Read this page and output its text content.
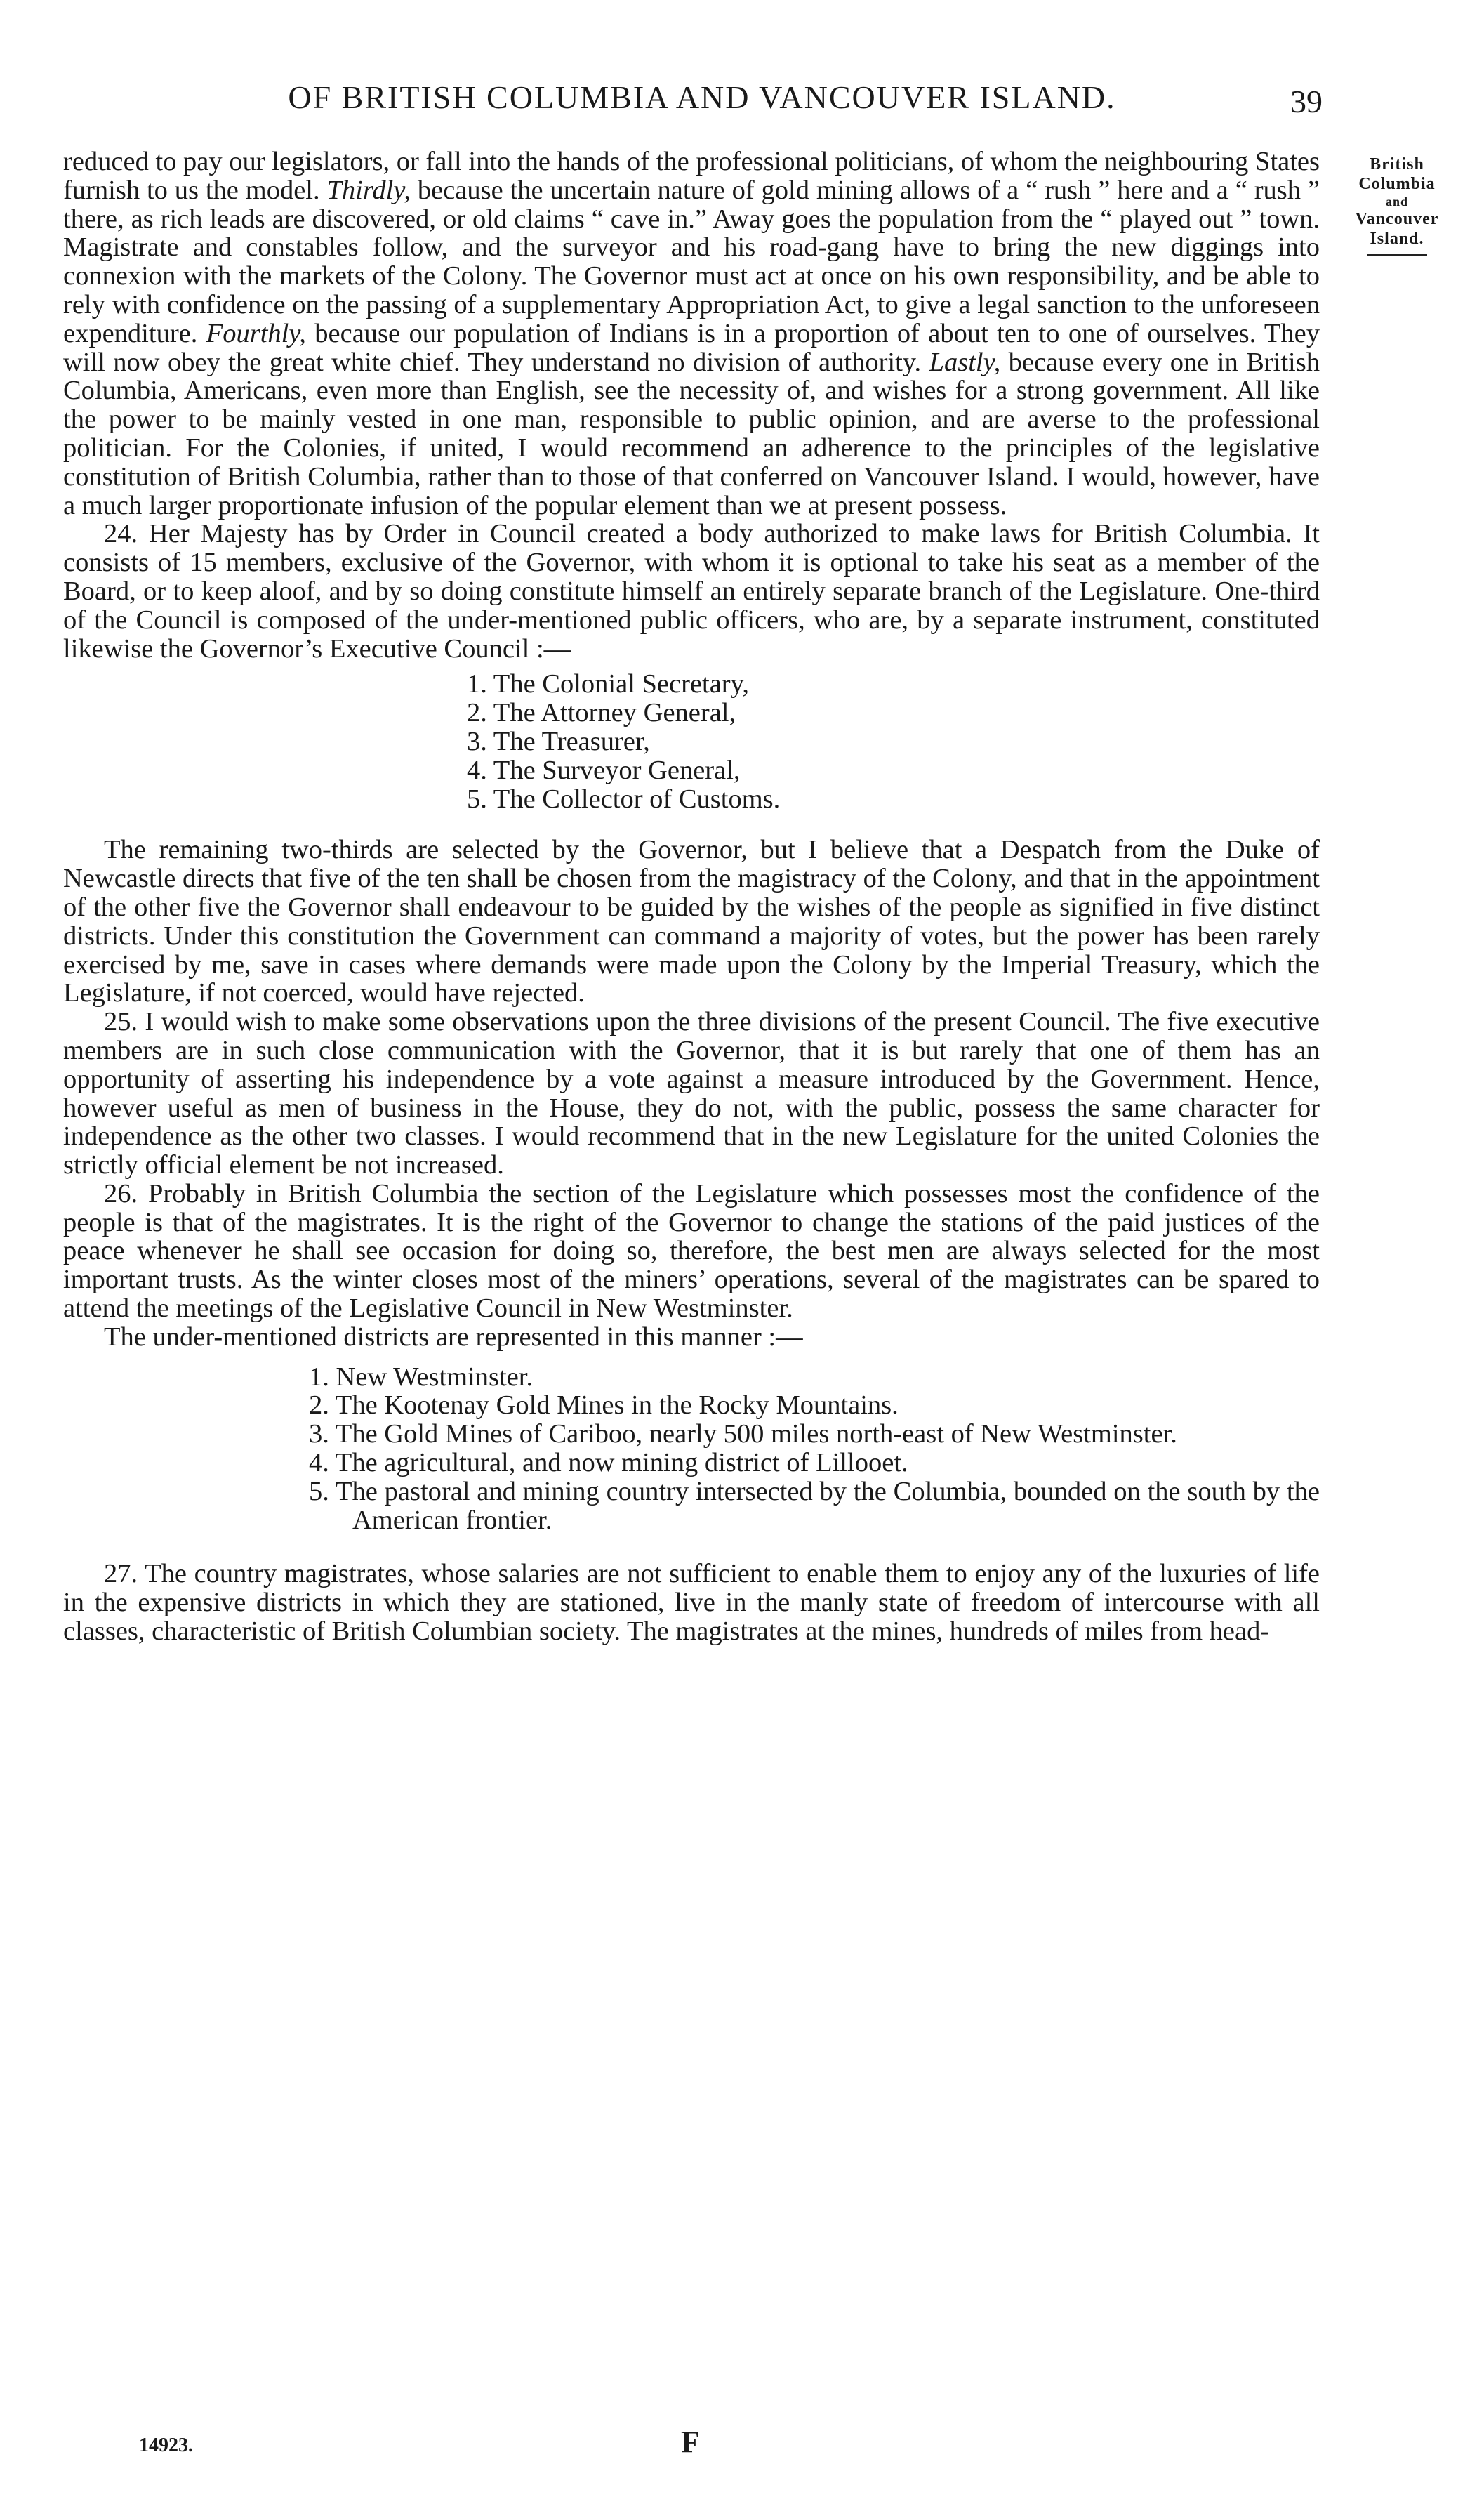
OF BRITISH COLUMBIA AND VANCOUVER ISLAND.	39
British
Columbia
and
Vancouver
Island.

reduced to pay our legislators, or fall into the hands of the professional politicians, of whom the neighbouring States furnish to us the model. Thirdly, because the uncertain nature of gold mining allows of a “ rush ” here and a “ rush ” there, as rich leads are discovered, or old claims “ cave in.” Away goes the population from the “ played out ” town. Magistrate and constables follow, and the surveyor and his road-gang have to bring the new diggings into connexion with the markets of the Colony. The Governor must act at once on his own responsibility, and be able to rely with confidence on the passing of a supplementary Appropriation Act, to give a legal sanction to the unforeseen expenditure. Fourthly, because our population of Indians is in a proportion of about ten to one of ourselves. They will now obey the great white chief. They understand no division of authority. Lastly, because every one in British Columbia, Americans, even more than English, see the necessity of, and wishes for a strong government. All like the power to be mainly vested in one man, responsible to public opinion, and are averse to the professional politician. For the Colonies, if united, I would recommend an adherence to the principles of the legislative constitution of British Columbia, rather than to those of that conferred on Vancouver Island. I would, however, have a much larger proportionate infusion of the popular element than we at present possess.

24. Her Majesty has by Order in Council created a body authorized to make laws for British Columbia. It consists of 15 members, exclusive of the Governor, with whom it is optional to take his seat as a member of the Board, or to keep aloof, and by so doing constitute himself an entirely separate branch of the Legislature. One-third of the Council is composed of the under-mentioned public officers, who are, by a separate instrument, constituted likewise the Governor’s Executive Council :—

1. The Colonial Secretary,
2. The Attorney General,
3. The Treasurer,
4. The Surveyor General,
5. The Collector of Customs.

The remaining two-thirds are selected by the Governor, but I believe that a Despatch from the Duke of Newcastle directs that five of the ten shall be chosen from the magistracy of the Colony, and that in the appointment of the other five the Governor shall endeavour to be guided by the wishes of the people as signified in five distinct districts. Under this constitution the Government can command a majority of votes, but the power has been rarely exercised by me, save in cases where demands were made upon the Colony by the Imperial Treasury, which the Legislature, if not coerced, would have rejected.

25. I would wish to make some observations upon the three divisions of the present Council. The five executive members are in such close communication with the Governor, that it is but rarely that one of them has an opportunity of asserting his independence by a vote against a measure introduced by the Government. Hence, however useful as men of business in the House, they do not, with the public, possess the same character for independence as the other two classes. I would recommend that in the new Legislature for the united Colonies the strictly official element be not increased.

26. Probably in British Columbia the section of the Legislature which possesses most the confidence of the people is that of the magistrates. It is the right of the Governor to change the stations of the paid justices of the peace whenever he shall see occasion for doing so, therefore, the best men are always selected for the most important trusts. As the winter closes most of the miners’ operations, several of the magistrates can be spared to attend the meetings of the Legislative Council in New Westminster.

The under-mentioned districts are represented in this manner :—

1. New Westminster.
2. The Kootenay Gold Mines in the Rocky Mountains.
3. The Gold Mines of Cariboo, nearly 500 miles north-east of New Westminster.
4. The agricultural, and now mining district of Lillooet.
5. The pastoral and mining country intersected by the Columbia, bounded on the south by the American frontier.

27. The country magistrates, whose salaries are not sufficient to enable them to enjoy any of the luxuries of life in the expensive districts in which they are stationed, live in the manly state of freedom of intercourse with all classes, characteristic of British Columbian society. The magistrates at the mines, hundreds of miles from head-

14923.	F
